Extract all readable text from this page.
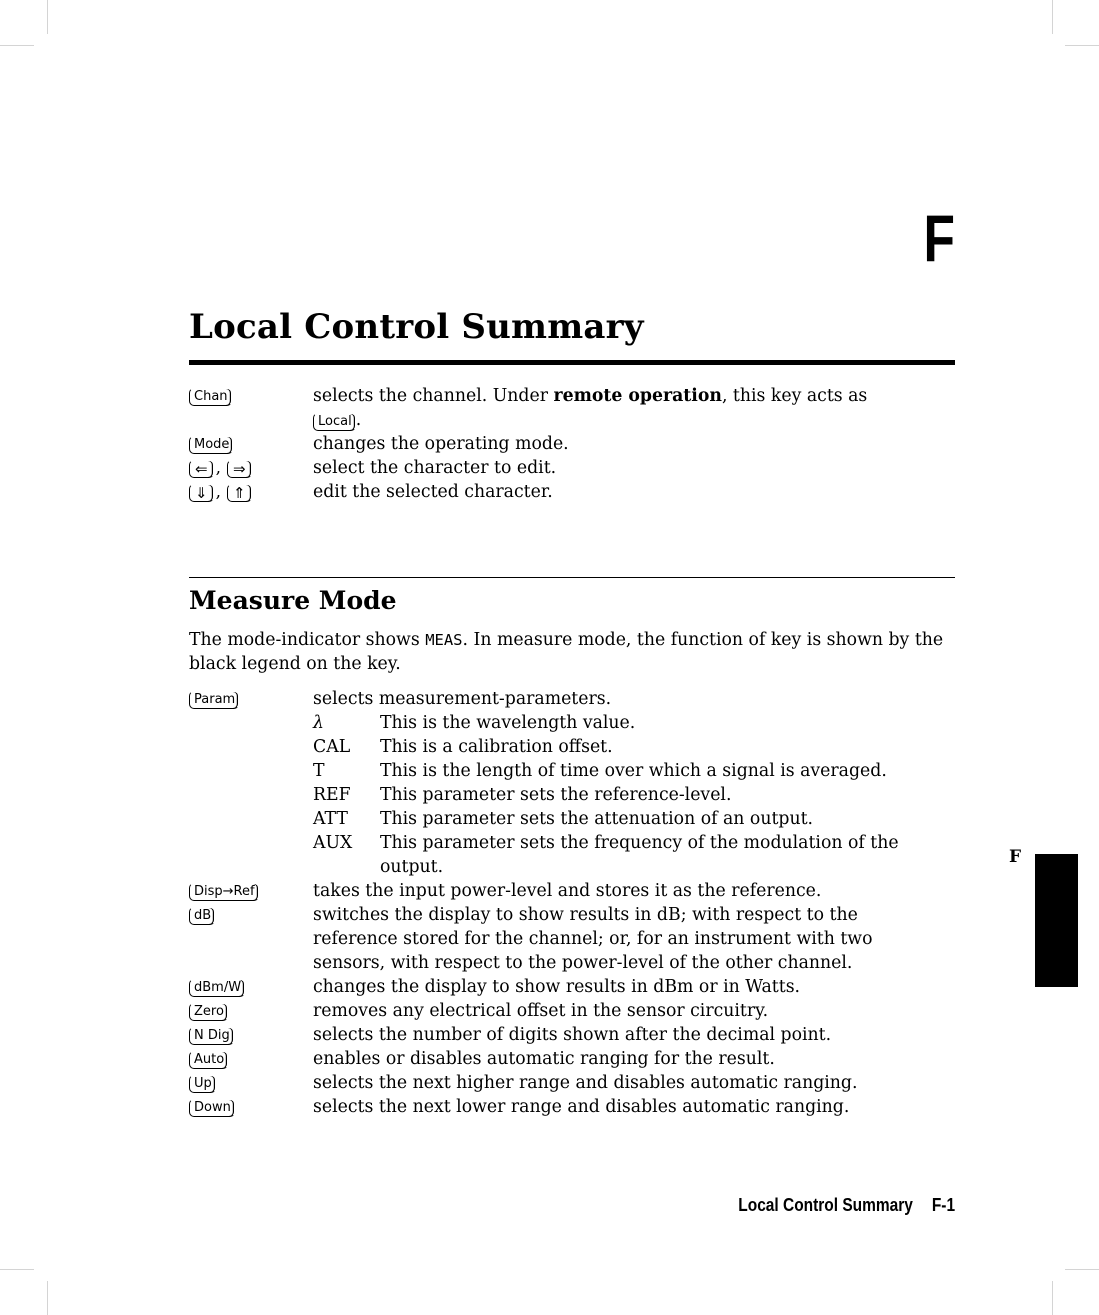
F
Local Control Summary
Chan	selects the channel. Under remote operation, this key acts as
Local .
Mode	changes the operating mode.
⇐ , ⇒	select the character to edit.
⇓ , ⇑	edit the selected character.
Measure Mode

The mode-indicator shows MEAS. In measure mode, the function of key is shown by the black legend on the key.

Param	selects measurement-parameters.
λ	This is the wavelength value.
CAL	This is a calibration offset.
T	This is the length of time over which a signal is averaged.
REF	This parameter sets the reference-level.
ATT	This parameter sets the attenuation of an output.
AUX	This parameter sets the frequency of the modulation of the output.
Disp→Ref	takes the input power-level and stores it as the reference.
dB	switches the display to show results in dB; with respect to the reference stored for the channel; or, for an instrument with two sensors, with respect to the power-level of the other channel.
dBm/W	changes the display to show results in dBm or in Watts.
Zero	removes any electrical offset in the sensor circuitry.
N Dig	selects the number of digits shown after the decimal point.
Auto	enables or disables automatic ranging for the result.
Up	selects the next higher range and disables automatic ranging.
Down	selects the next lower range and disables automatic ranging.
F
Local Control Summary F-1
